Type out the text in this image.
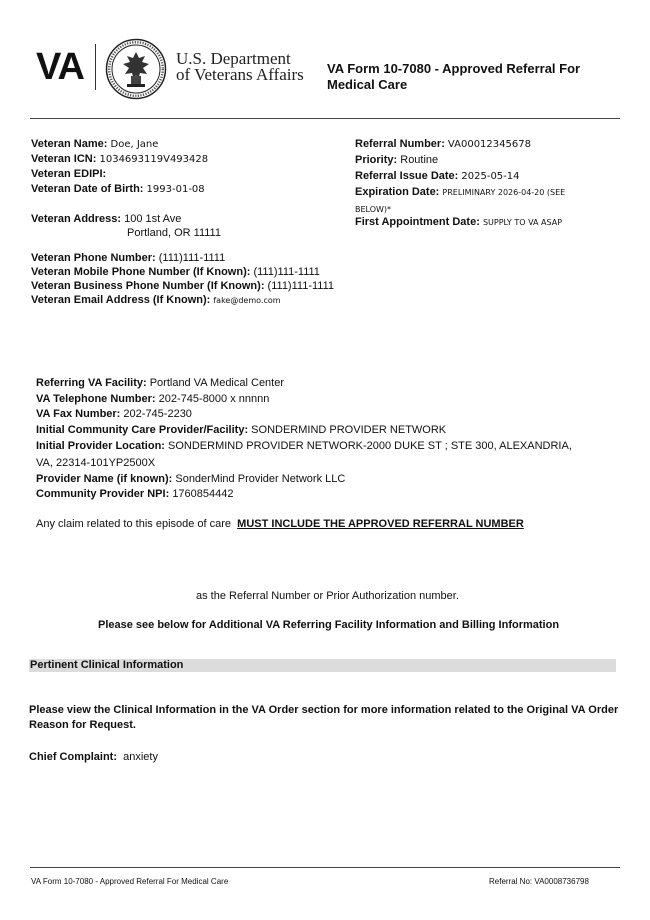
VA	U.S. Department
of Veterans Affairs VA Form 10-7080 - Approved Referral For
Medical Care
Veteran Name: Doe, Jane
Veteran ICN: 1034693119V493428
Veteran EDIPI:
Veteran Date of Birth: 1993-01-08
Veteran Address: 100 1st Ave
Portland, OR 11111
Veteran Phone Number: (111)111-1111
Veteran Mobile Phone Number (If Known): (111)111-1111
Veteran Business Phone Number (If Known): (111)111-1111
Veteran Email Address (If Known): fake@demo.com
Referral Number: VA00012345678
Priority: Routine
Referral Issue Date: 2025-05-14
Expiration Date: PRELIMINARY 2026-04-20 (SEE
BELOW)*
First Appointment Date: SUPPLY TO VA ASAP
Referring VA Facility: Portland VA Medical Center
VA Telephone Number: 202-745-8000 x nnnnn
VA Fax Number: 202-745-2230
Initial Community Care Provider/Facility: SONDERMIND PROVIDER NETWORK
Initial Provider Location: SONDERMIND PROVIDER NETWORK-2000 DUKE ST ; STE 300, ALEXANDRIA,
VA, 22314-101YP2500X
Provider Name (if known): SonderMind Provider Network LLC
Community Provider NPI: 1760854442
Any claim related to this episode of care MUST INCLUDE THE APPROVED REFERRAL NUMBER
as the Referral Number or Prior Authorization number.
Please see below for Additional VA Referring Facility Information and Billing Information
Pertinent Clinical Information
Please view the Clinical Information in the VA Order section for more information related to the Original VA Order
Reason for Request.
Chief Complaint: anxiety
VA Form 10-7080 - Approved Referral For Medical Care	Referral No: VA0008736798
